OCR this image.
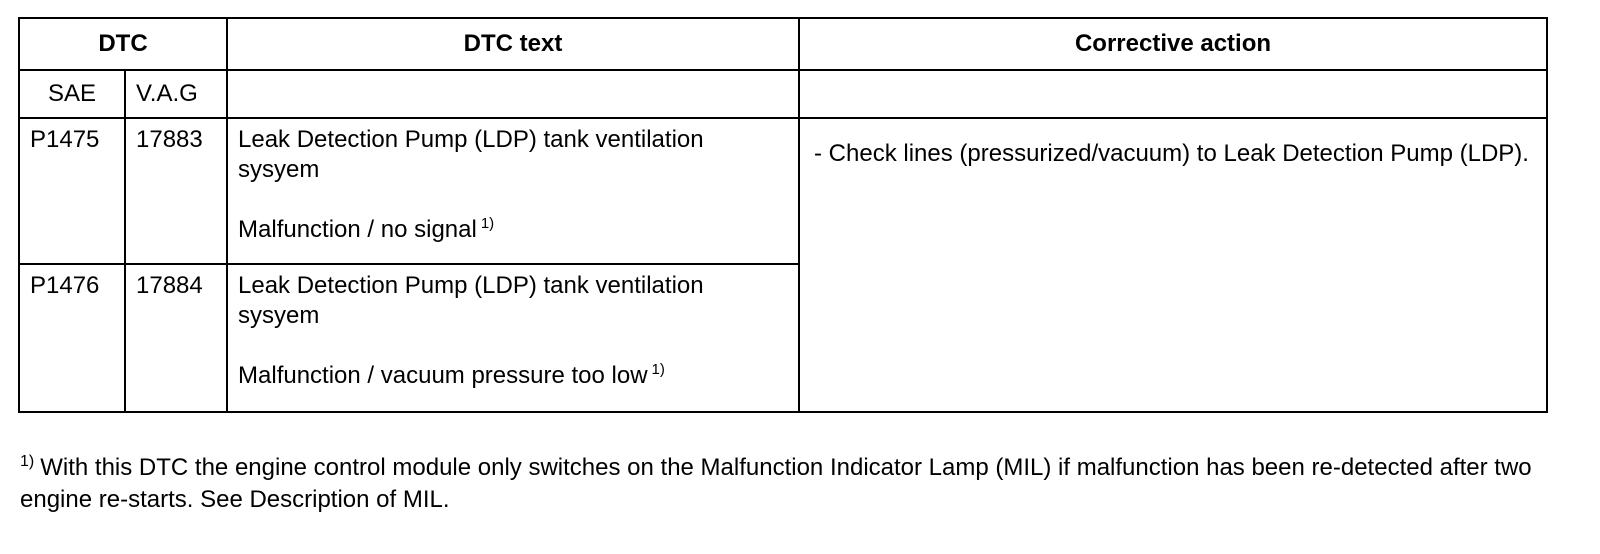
DTC		DTC text	Corrective action
SAE	V.A.G		
P1475	17883	Leak Detection Pump (LDP) tank ventilation sysyem
Malfunction / no signal $^{1)}$	- Check lines (pressurized/vacuum) to Leak Detection Pump (LDP).
P1476	17884	Leak Detection Pump (LDP) tank ventilation sysyem
Malfunction / vacuum pressure too low $^{1)}$
$^{1)}$ With this DTC the engine control module only switches on the Malfunction Indicator Lamp (MIL) if malfunction has been re-detected after two engine re-starts. See Description of MIL.
